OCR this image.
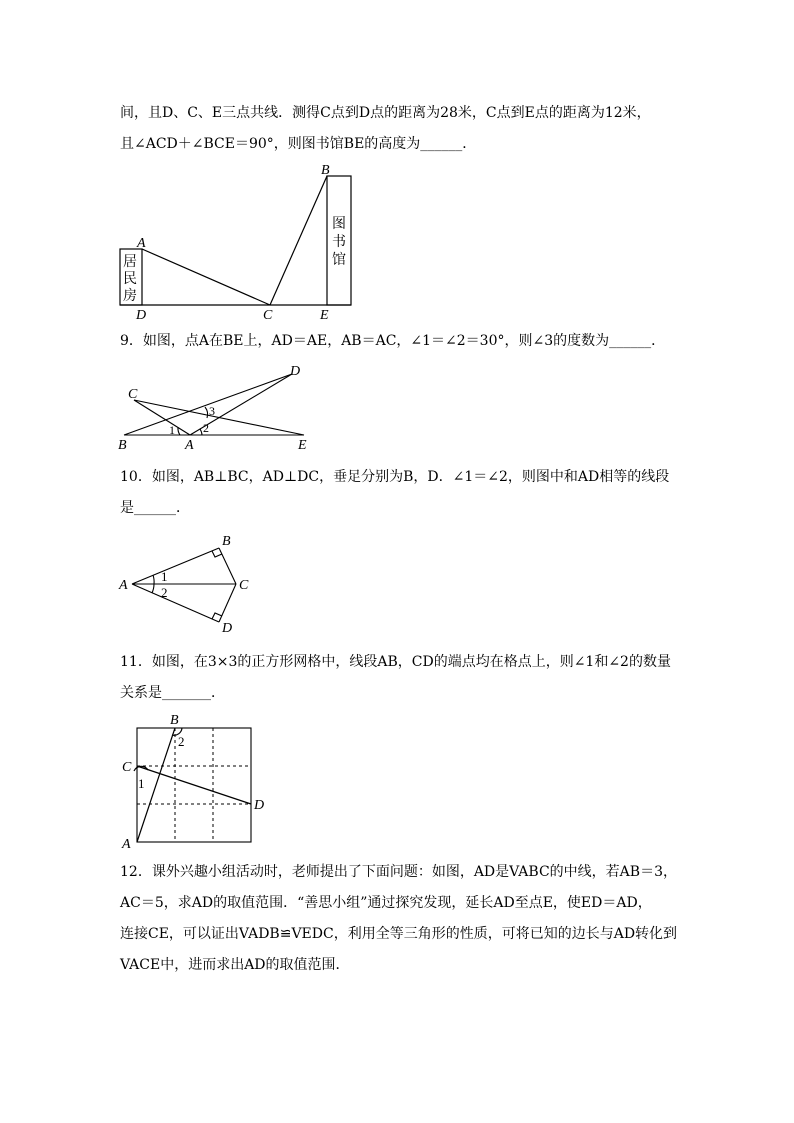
间，且D、C、E三点共线．测得C点到D点的距离为28米，C点到E点的距离为12米，
且∠ACD＋∠BCE＝90°，则图书馆BE的高度为______．
A
B
C
D	E
居
民
房
图
书
馆
9．如图，点A在BE上，AD＝AE，AB＝AC，∠1＝∠2＝30°，则∠3的度数为______．
C
D
B	A	E
1 2
3
10．如图，AB⊥BC，AD⊥DC，垂足分别为B，D．∠1＝∠2，则图中和AD相等的线段
是______．
A
B
C
D
1
2
11．如图，在3×3的正方形网格中，线段AB，CD的端点均在格点上，则∠1和∠2的数量
关系是_______．
A
B
C
D
1
2
12．课外兴趣小组活动时，老师提出了下面问题：如图，AD是VABC的中线，若AB＝3，
AC＝5，求AD的取值范围．“善思小组”通过探究发现，延长AD至点E，使ED＝AD，
连接CE，可以证出VADB≌VEDC，利用全等三角形的性质，可将已知的边长与AD转化到
VACE中，进而求出AD的取值范围．
